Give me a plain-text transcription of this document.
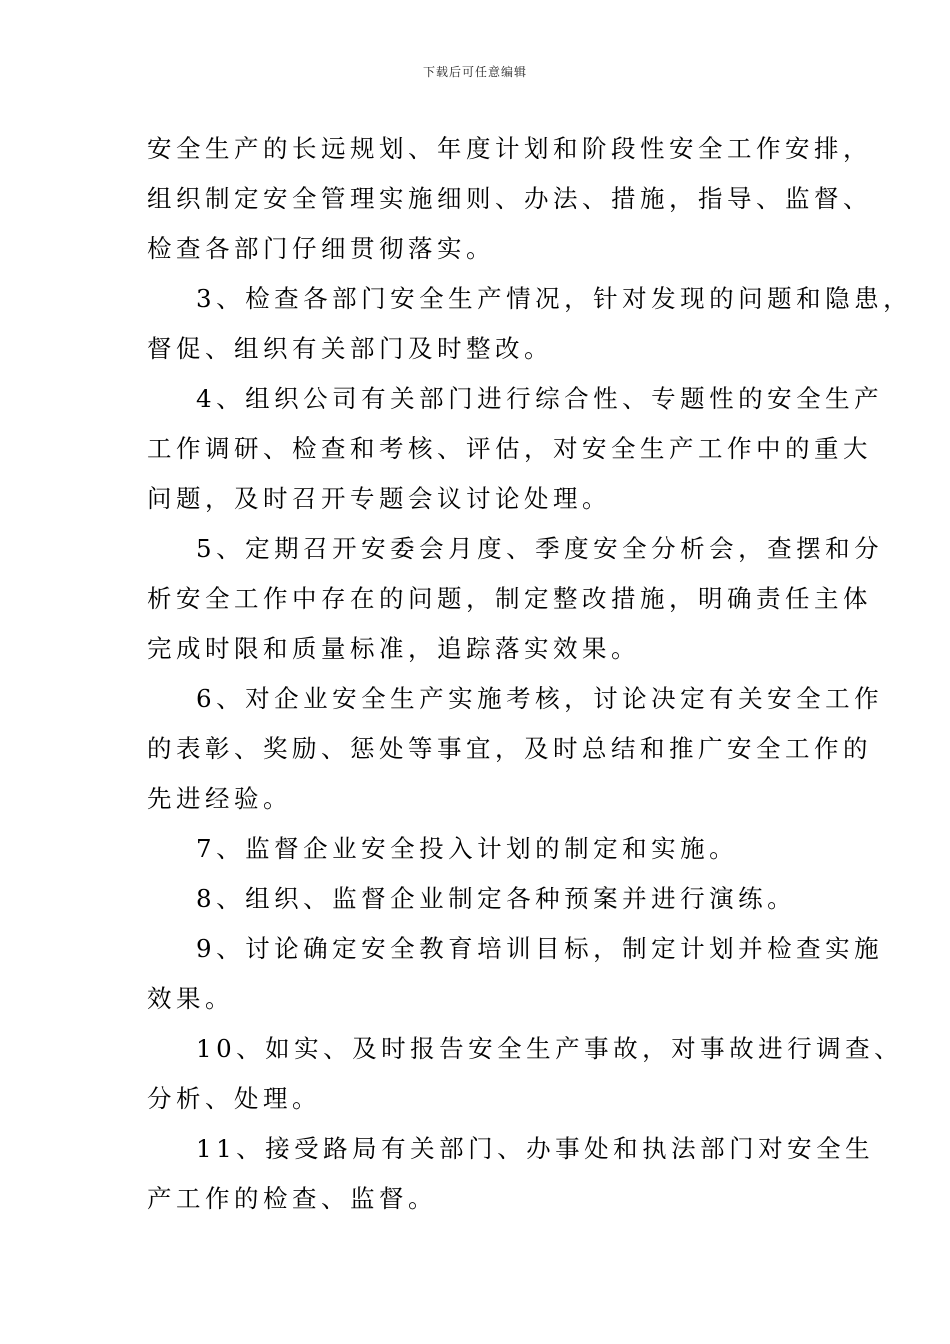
下载后可任意编辑
安全生产的长远规划、年度计划和阶段性安全工作安排，
组织制定安全管理实施细则、办法、措施，指导、监督、
检查各部门仔细贯彻落实。
3、检查各部门安全生产情况，针对发现的问题和隐患，
督促、组织有关部门及时整改。
4、组织公司有关部门进行综合性、专题性的安全生产
工作调研、检查和考核、评估，对安全生产工作中的重大
问题，及时召开专题会议讨论处理。
5、定期召开安委会月度、季度安全分析会，查摆和分
析安全工作中存在的问题，制定整改措施，明确责任主体
完成时限和质量标准，追踪落实效果。
6、对企业安全生产实施考核，讨论决定有关安全工作
的表彰、奖励、惩处等事宜，及时总结和推广安全工作的
先进经验。
7、监督企业安全投入计划的制定和实施。
8、组织、监督企业制定各种预案并进行演练。
9、讨论确定安全教育培训目标，制定计划并检查实施
效果。
10、如实、及时报告安全生产事故，对事故进行调查、
分析、处理。
11、接受路局有关部门、办事处和执法部门对安全生
产工作的检查、监督。
